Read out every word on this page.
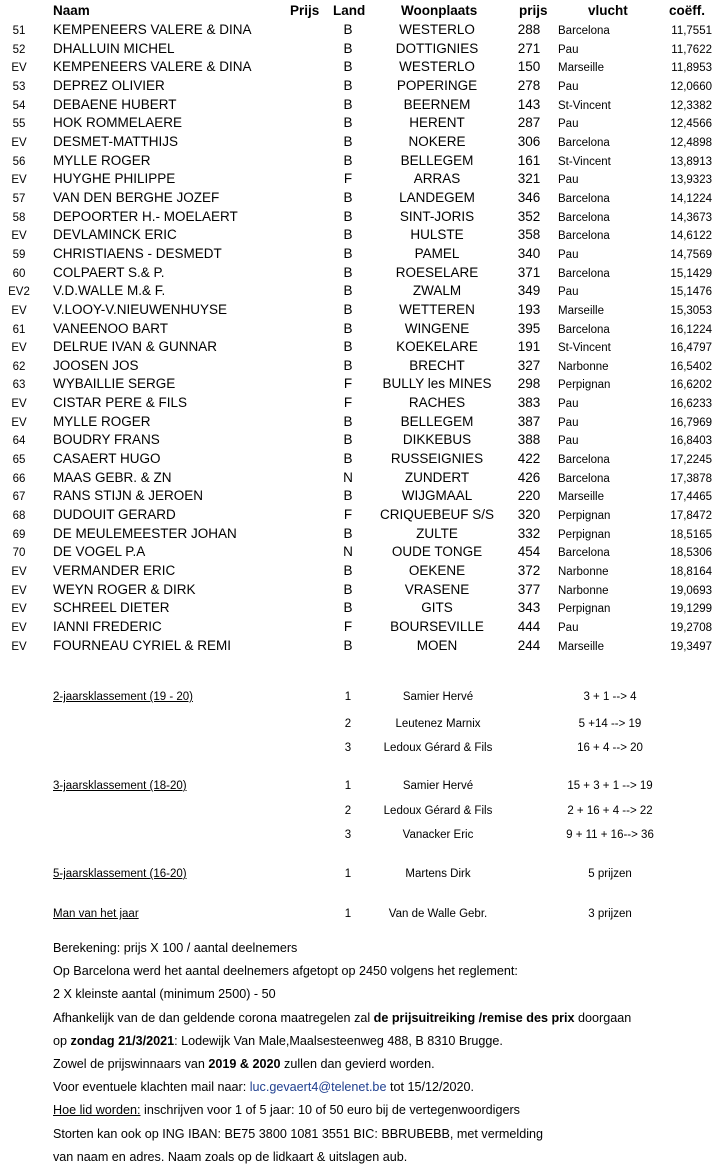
Naam	Prijs Land	Woonplaats	prijs	vlucht	coëff.
51	KEMPENEERS VALERE & DINA	B	WESTERLO	288	Barcelona	11,7551
52	DHALLUIN MICHEL	B	DOTTIGNIES	271	Pau	11,7622
EV	KEMPENEERS VALERE & DINA	B	WESTERLO	150	Marseille	11,8953
53	DEPREZ OLIVIER	B	POPERINGE	278	Pau	12,0660
54	DEBAENE HUBERT	B	BEERNEM	143	St-Vincent	12,3382
55	HOK ROMMELAERE	B	HERENT	287	Pau	12,4566
EV	DESMET-MATTHIJS	B	NOKERE	306	Barcelona	12,4898
56	MYLLE ROGER	B	BELLEGEM	161	St-Vincent	13,8913
EV	HUYGHE PHILIPPE	F	ARRAS	321	Pau	13,9323
57	VAN DEN BERGHE JOZEF	B	LANDEGEM	346	Barcelona	14,1224
58	DEPOORTER H.- MOELAERT	B	SINT-JORIS	352	Barcelona	14,3673
EV	DEVLAMINCK ERIC	B	HULSTE	358	Barcelona	14,6122
59	CHRISTIAENS - DESMEDT	B	PAMEL	340	Pau	14,7569
60	COLPAERT S.& P.	B	ROESELARE	371	Barcelona	15,1429
EV2	V.D.WALLE M.& F.	B	ZWALM	349	Pau	15,1476
EV	V.LOOY-V.NIEUWENHUYSE	B	WETTEREN	193	Marseille	15,3053
61	VANEENOO BART	B	WINGENE	395	Barcelona	16,1224
EV	DELRUE IVAN & GUNNAR	B	KOEKELARE	191	St-Vincent	16,4797
62	JOOSEN JOS	B	BRECHT	327	Narbonne	16,5402
63	WYBAILLIE SERGE	F	BULLY les MINES	298	Perpignan	16,6202
EV	CISTAR PERE & FILS	F	RACHES	383	Pau	16,6233
EV	MYLLE ROGER	B	BELLEGEM	387	Pau	16,7969
64	BOUDRY FRANS	B	DIKKEBUS	388	Pau	16,8403
65	CASAERT HUGO	B	RUSSEIGNIES	422	Barcelona	17,2245
66	MAAS GEBR. & ZN	N	ZUNDERT	426	Barcelona	17,3878
67	RANS STIJN & JEROEN	B	WIJGMAAL	220	Marseille	17,4465
68	DUDOUIT GERARD	F	CRIQUEBEUF S/S	320	Perpignan	17,8472
69	DE MEULEMEESTER JOHAN	B	ZULTE	332	Perpignan	18,5165
70	DE VOGEL P.A	N	OUDE TONGE	454	Barcelona	18,5306
EV	VERMANDER ERIC	B	OEKENE	372	Narbonne	18,8164
EV	WEYN ROGER & DIRK	B	VRASENE	377	Narbonne	19,0693
EV	SCHREEL DIETER	B	GITS	343	Perpignan	19,1299
EV	IANNI FREDERIC	F	BOURSEVILLE	444	Pau	19,2708
EV	FOURNEAU CYRIEL & REMI	B	MOEN	244	Marseille	19,3497
2-jaarsklassement (19 - 20)	1	Samier Hervé	3 + 1 --> 4
2	Leutenez Marnix	5 +14 --> 19
3	Ledoux Gérard & Fils	16 + 4 --> 20
3-jaarsklassement (18-20)	1	Samier Hervé	15 + 3 + 1 --> 19
2	Ledoux Gérard & Fils	2 + 16 + 4 --> 22
3	Vanacker Eric	9 + 11 + 16--> 36
5-jaarsklassement (16-20)	1	Martens Dirk	5 prijzen
Man van het jaar	1	Van de Walle Gebr.	3 prijzen
Berekening: prijs X 100 / aantal deelnemers
Op Barcelona werd het aantal deelnemers afgetopt op 2450 volgens het reglement:
2 X kleinste aantal (minimum 2500) - 50
Afhankelijk van de dan geldende corona maatregelen zal de prijsuitreiking /remise des prix doorgaan
op zondag 21/3/2021: Lodewijk Van Male,Maalsesteenweg 488, B 8310 Brugge.
Zowel de prijswinnaars van 2019 & 2020 zullen dan gevierd worden.
Voor eventuele klachten mail naar: luc.gevaert4@telenet.be tot 15/12/2020.
Hoe lid worden: inschrijven voor 1 of 5 jaar: 10 of 50 euro bij de vertegenwoordigers
Storten kan ook op ING IBAN: BE75 3800 1081 3551 BIC: BBRUBEBB, met vermelding
van naam en adres. Naam zoals op de lidkaart & uitslagen aub.
